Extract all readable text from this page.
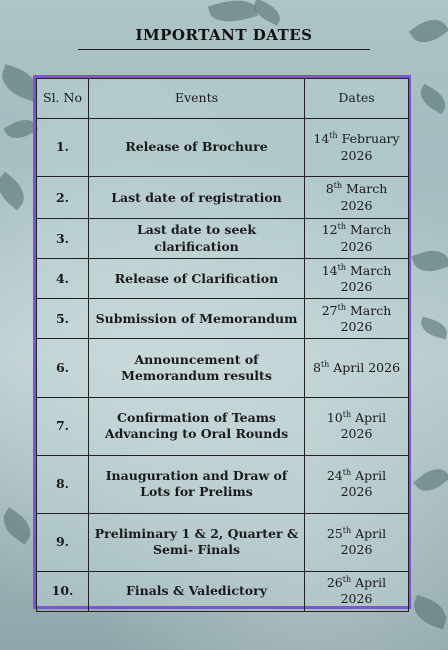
IMPORTANT DATES
Sl. No	Events	Dates
1.	Release of Brochure	14th February 2026
2.	Last date of registration	8th March 2026
3.	Last date to seek clarification	12th March 2026
4.	Release of Clarification	14th March 2026
5.	Submission of Memorandum	27th March 2026
6.	Announcement of Memorandum results	8th April 2026
7.	Confirmation of Teams Advancing to Oral Rounds	10th April 2026
8.	Inauguration and Draw of Lots for Prelims	24th April 2026
9.	Preliminary 1 & 2, Quarter & Semi- Finals	25th April 2026
10.	Finals & Valedictory	26th April 2026
